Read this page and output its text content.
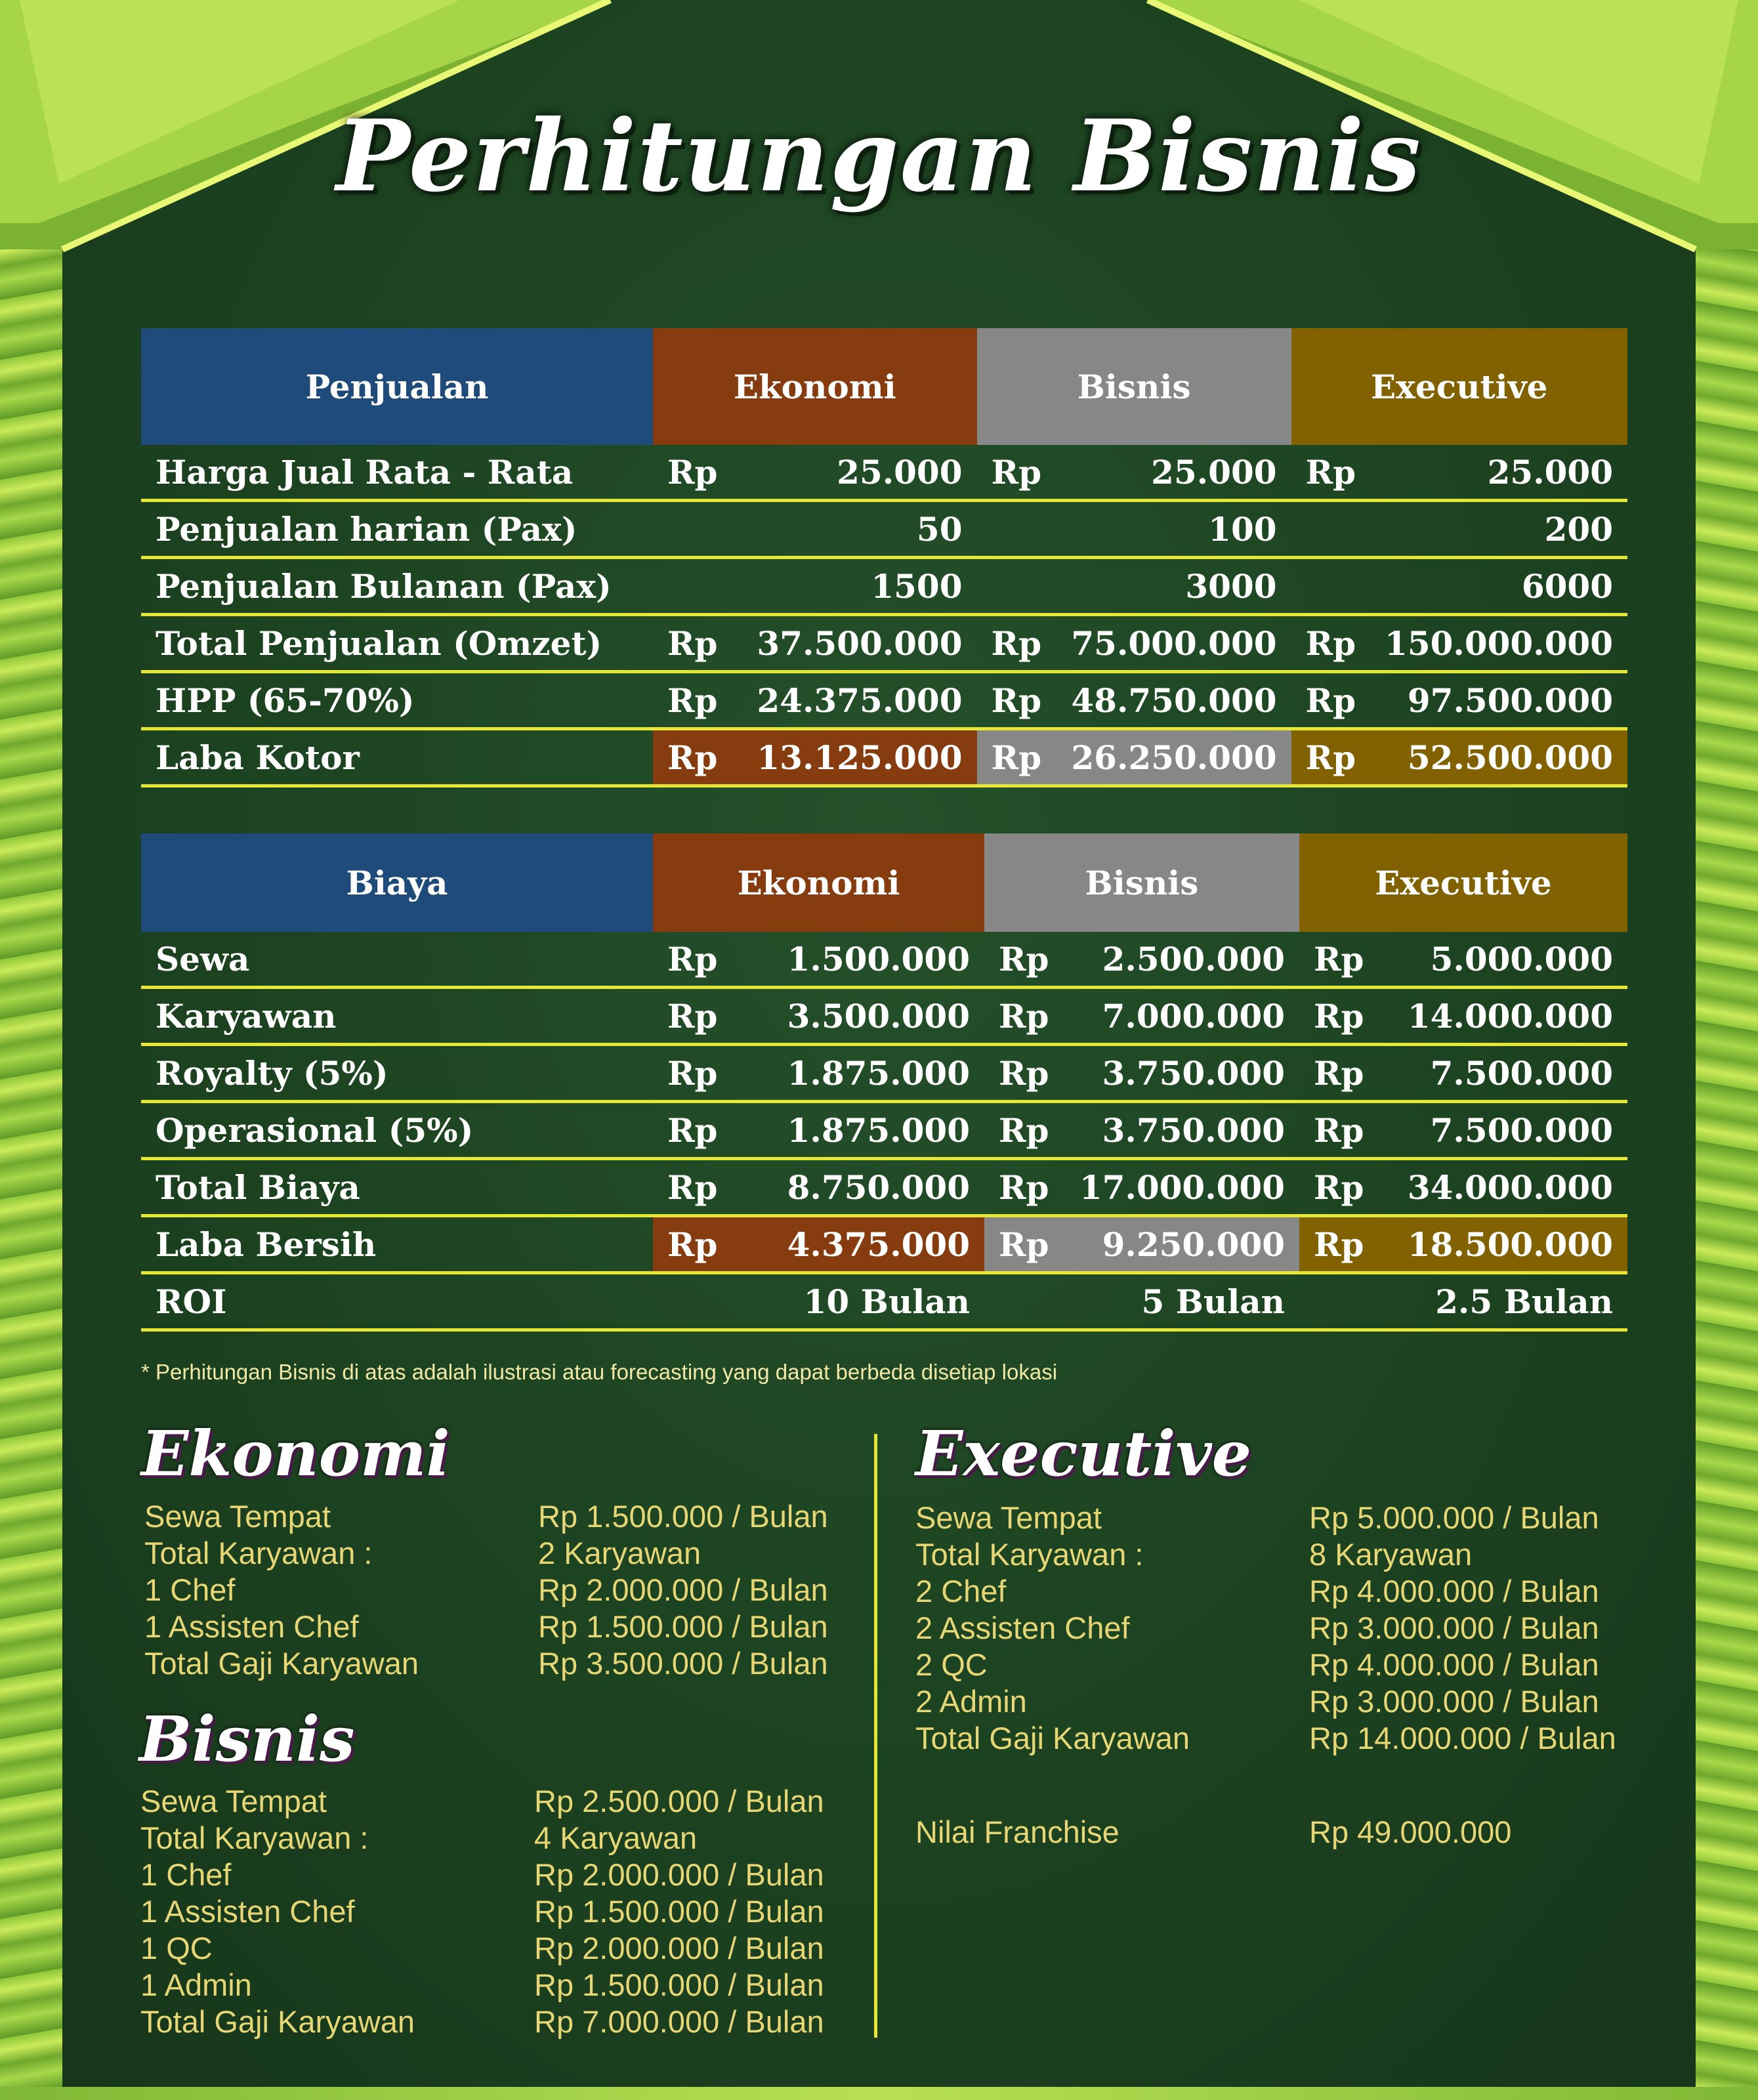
Perhitungan Bisnis
Penjualan	Ekonomi		Bisnis		Executive	
Harga Jual Rata - Rata	Rp	25.000	Rp	25.000	Rp	25.000
Penjualan harian (Pax)		50		100		200
Penjualan Bulanan (Pax)		1500		3000		6000
Total Penjualan (Omzet)	Rp	37.500.000	Rp	75.000.000	Rp	150.000.000
HPP (65-70%)	Rp	24.375.000	Rp	48.750.000	Rp	97.500.000
Laba Kotor	Rp	13.125.000	Rp	26.250.000	Rp	52.500.000
Biaya	Ekonomi		Bisnis		Executive	
Sewa	Rp	1.500.000	Rp	2.500.000	Rp	5.000.000
Karyawan	Rp	3.500.000	Rp	7.000.000	Rp	14.000.000
Royalty (5%)	Rp	1.875.000	Rp	3.750.000	Rp	7.500.000
Operasional (5%)	Rp	1.875.000	Rp	3.750.000	Rp	7.500.000
Total Biaya	Rp	8.750.000	Rp	17.000.000	Rp	34.000.000
Laba Bersih	Rp	4.375.000	Rp	9.250.000	Rp	18.500.000
ROI		10 Bulan		5 Bulan		2.5 Bulan
* Perhitungan Bisnis di atas adalah ilustrasi atau forecasting yang dapat berbeda disetiap lokasi
Ekonomi
Sewa Tempat	Rp 1.500.000 / Bulan
Total Karyawan :	2 Karyawan
1 Chef	Rp 2.000.000 / Bulan
1 Assisten Chef	Rp 1.500.000 / Bulan
Total Gaji Karyawan	Rp 3.500.000 / Bulan
Bisnis
Sewa Tempat	Rp 2.500.000 / Bulan
Total Karyawan :	4 Karyawan
1 Chef	Rp 2.000.000 / Bulan
1 Assisten Chef	Rp 1.500.000 / Bulan
1 QC	Rp 2.000.000 / Bulan
1 Admin	Rp 1.500.000 / Bulan
Total Gaji Karyawan	Rp 7.000.000 / Bulan
Executive
Sewa Tempat	Rp 5.000.000 / Bulan
Total Karyawan :	8 Karyawan
2 Chef	Rp 4.000.000 / Bulan
2 Assisten Chef	Rp 3.000.000 / Bulan
2 QC	Rp 4.000.000 / Bulan
2 Admin	Rp 3.000.000 / Bulan
Total Gaji Karyawan	Rp 14.000.000 / Bulan
Nilai Franchise	Rp 49.000.000
